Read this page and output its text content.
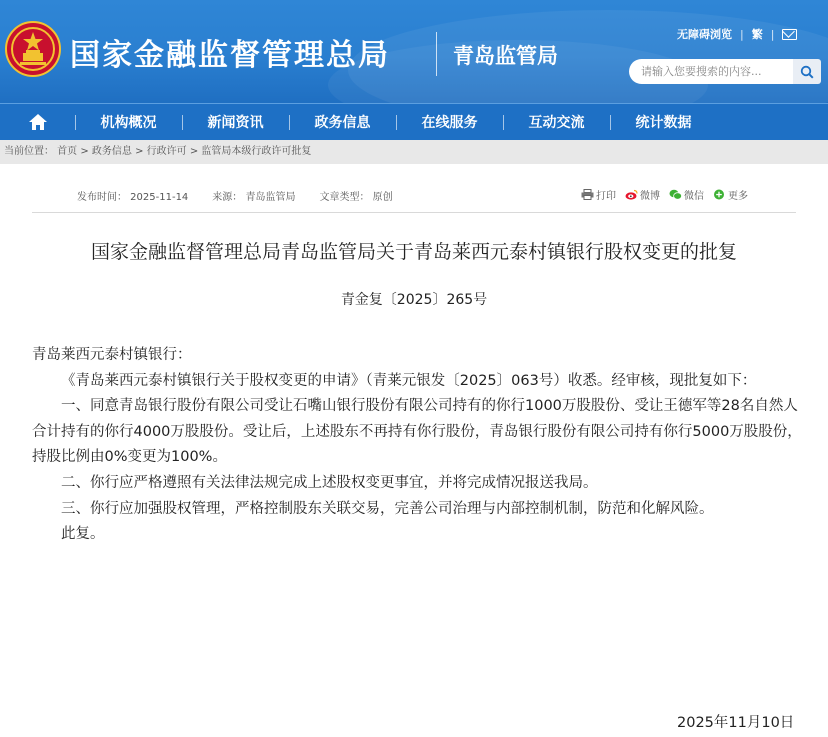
国家金融监督管理总局	青岛监管局
无障碍浏览 | 繁 |
请输入您要搜索的内容...
机构概况	新闻资讯	政务信息	在线服务	互动交流	统计数据
当前位置： 首页 > 政务信息 > 行政许可 > 监管局本级行政许可批复
发布时间： 2025-11-14 来源： 青岛监管局 文章类型： 原创	打印 微博 微信 更多
国家金融监督管理总局青岛监管局关于青岛莱西元泰村镇银行股权变更的批复
青金复〔2025〕265号

青岛莱西元泰村镇银行：

《青岛莱西元泰村镇银行关于股权变更的申请》（青莱元银发〔2025〕063号）收悉。经审核，现批复如下：

一、同意青岛银行股份有限公司受让石嘴山银行股份有限公司持有的你行1000万股股份、受让王德军等28名自然人合计持有的你行4000万股股份。受让后，上述股东不再持有你行股份，青岛银行股份有限公司持有你行5000万股股份，持股比例由0%变更为100%。

二、你行应严格遵照有关法律法规完成上述股权变更事宜，并将完成情况报送我局。

三、你行应加强股权管理，严格控制股东关联交易，完善公司治理与内部控制机制，防范和化解风险。

此复。

2025年11月10日
